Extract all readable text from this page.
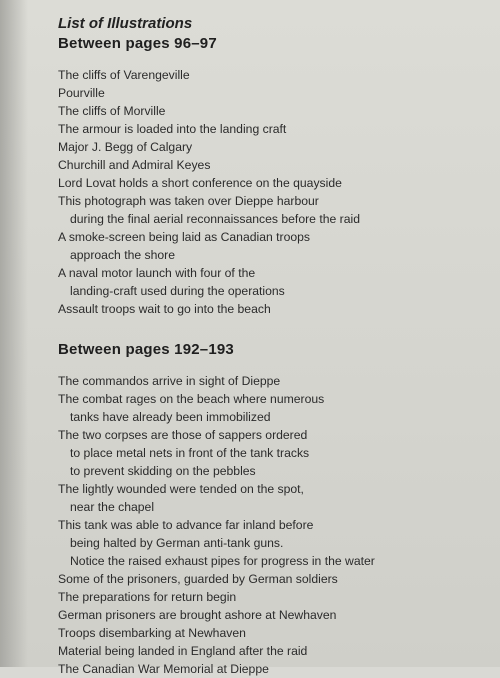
List of Illustrations
Between pages 96–97
The cliffs of Varengeville
Pourville
The cliffs of Morville
The armour is loaded into the landing craft
Major J. Begg of Calgary
Churchill and Admiral Keyes
Lord Lovat holds a short conference on the quayside
This photograph was taken over Dieppe harbour
during the final aerial reconnaissances before the raid
A smoke-screen being laid as Canadian troops
approach the shore
A naval motor launch with four of the
landing-craft used during the operations
Assault troops wait to go into the beach
Between pages 192–193
The commandos arrive in sight of Dieppe
The combat rages on the beach where numerous
tanks have already been immobilized
The two corpses are those of sappers ordered
to place metal nets in front of the tank tracks
to prevent skidding on the pebbles
The lightly wounded were tended on the spot,
near the chapel
This tank was able to advance far inland before
being halted by German anti-tank guns.
Notice the raised exhaust pipes for progress in the water
Some of the prisoners, guarded by German soldiers
The preparations for return begin
German prisoners are brought ashore at Newhaven
Troops disembarking at Newhaven
Material being landed in England after the raid
The Canadian War Memorial at Dieppe
